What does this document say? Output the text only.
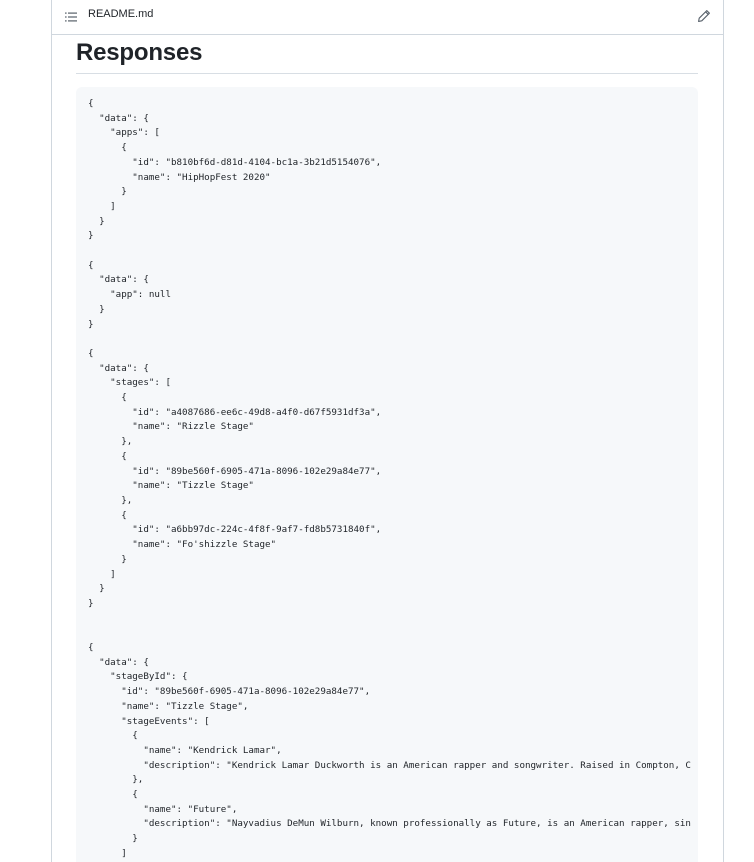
README.md
Responses
{
"data": {
"apps": [
{
"id": "b810bf6d-d81d-4104-bc1a-3b21d5154076",
"name": "HipHopFest 2020"
}
]
}
}

{
"data": {
"app": null
}
}

{
"data": {
"stages": [
{
"id": "a4087686-ee6c-49d8-a4f0-d67f5931df3a",
"name": "Rizzle Stage"
},
{
"id": "89be560f-6905-471a-8096-102e29a84e77",
"name": "Tizzle Stage"
},
{
"id": "a6bb97dc-224c-4f8f-9af7-fd8b5731840f",
"name": "Fo'shizzle Stage"
}
]
}
}

{
"data": {
"stageById": {
"id": "89be560f-6905-471a-8096-102e29a84e77",
"name": "Tizzle Stage",
"stageEvents": [
{
"name": "Kendrick Lamar",
"description": "Kendrick Lamar Duckworth is an American rapper and songwriter. Raised in Compton, C
},
{
"name": "Future",
"description": "Nayvadius DeMun Wilburn, known professionally as Future, is an American rapper, sin
}
]
